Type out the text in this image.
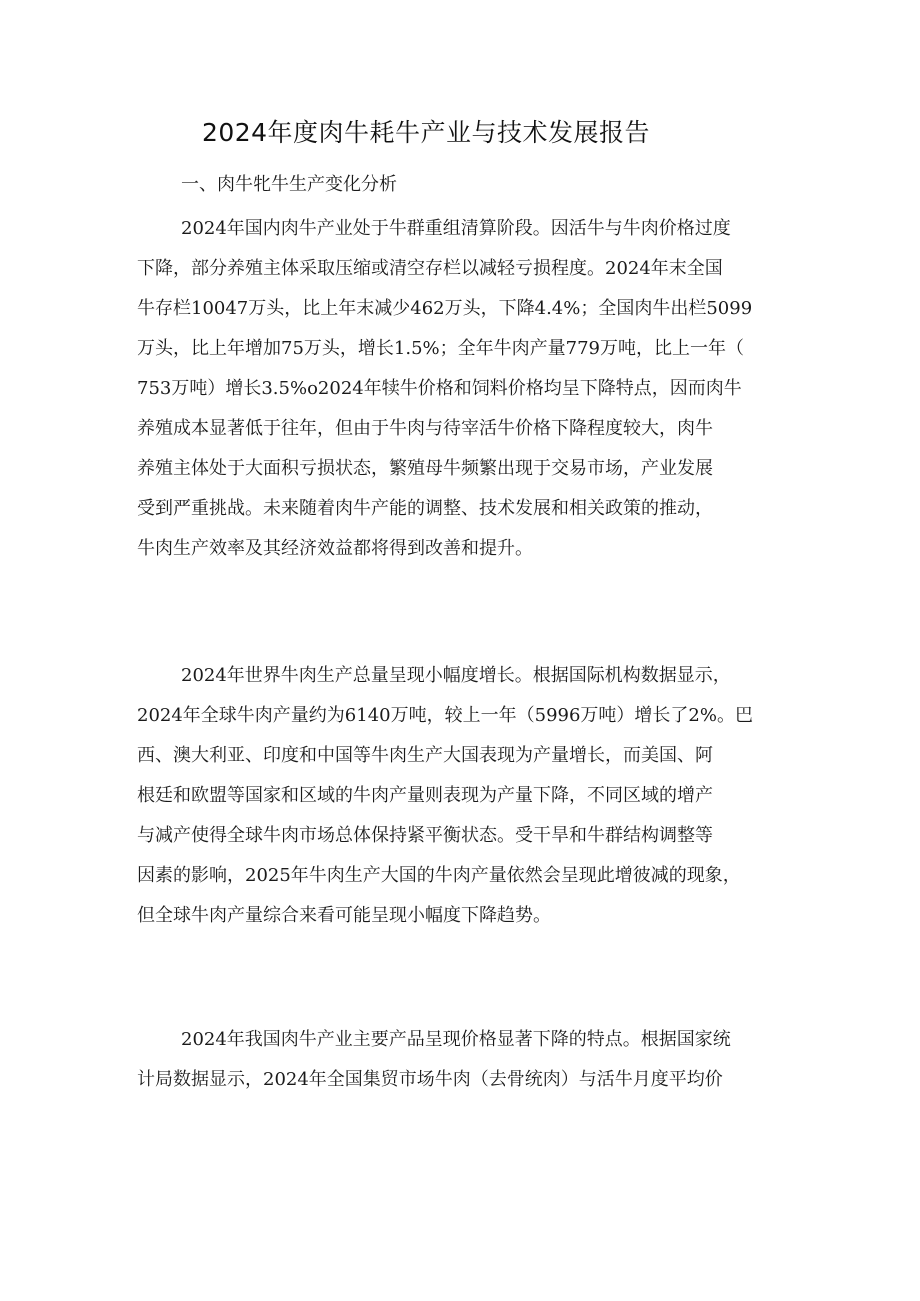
2024年度肉牛耗牛产业与技术发展报告
一、肉牛牝牛生产变化分析
2024年国内肉牛产业处于牛群重组清算阶段。因活牛与牛肉价格过度
下降，部分养殖主体采取压缩或清空存栏以减轻亏损程度。2024年末全国
牛存栏10047万头，比上年末减少462万头，下降4.4%；全国肉牛出栏5099
万头，比上年增加75万头，增长1.5%；全年牛肉产量779万吨，比上一年（
753万吨）增长3.5%o2024年犊牛价格和饲料价格均呈下降特点，因而肉牛
养殖成本显著低于往年，但由于牛肉与待宰活牛价格下降程度较大，肉牛
养殖主体处于大面积亏损状态，繁殖母牛频繁出现于交易市场，产业发展
受到严重挑战。未来随着肉牛产能的调整、技术发展和相关政策的推动，
牛肉生产效率及其经济效益都将得到改善和提升。
2024年世界牛肉生产总量呈现小幅度增长。根据国际机构数据显示，
2024年全球牛肉产量约为6140万吨，较上一年（5996万吨）增长了2%。巴
西、澳大利亚、印度和中国等牛肉生产大国表现为产量增长，而美国、阿
根廷和欧盟等国家和区域的牛肉产量则表现为产量下降，不同区域的增产
与减产使得全球牛肉市场总体保持紧平衡状态。受干旱和牛群结构调整等
因素的影响，2025年牛肉生产大国的牛肉产量依然会呈现此增彼减的现象，
但全球牛肉产量综合来看可能呈现小幅度下降趋势。
2024年我国肉牛产业主要产品呈现价格显著下降的特点。根据国家统
计局数据显示，2024年全国集贸市场牛肉（去骨统肉）与活牛月度平均价
